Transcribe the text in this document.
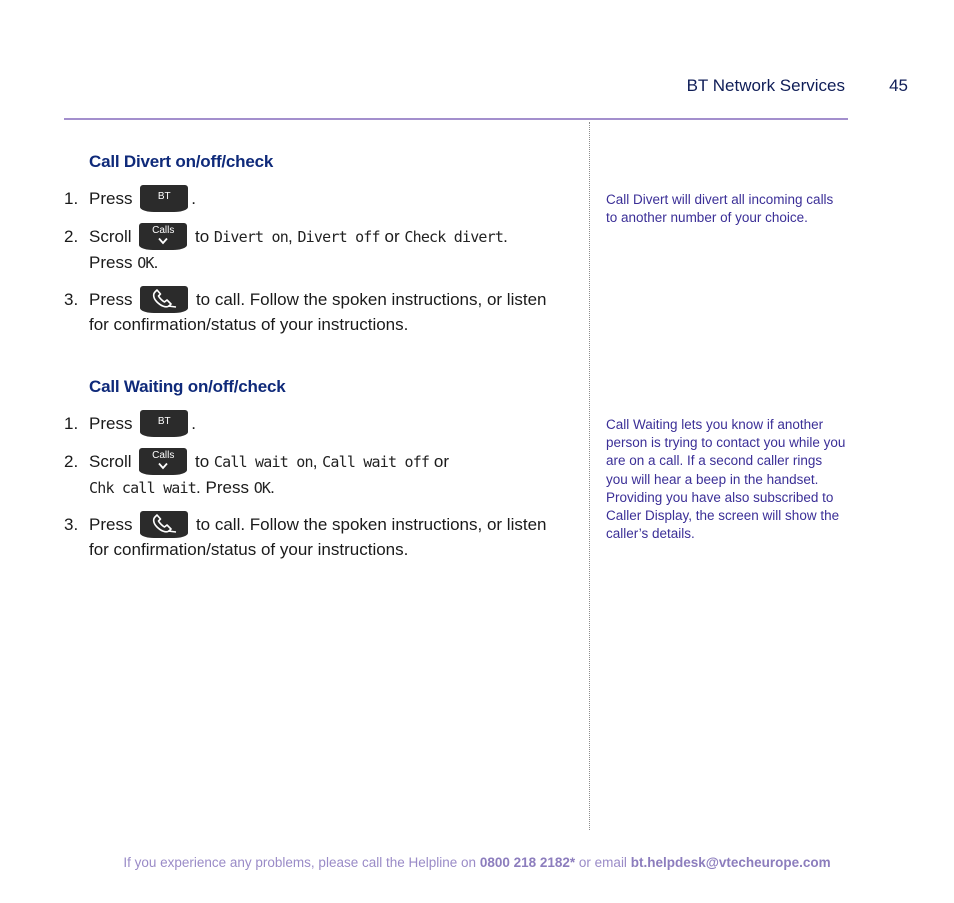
BT Network Services	45
Call Divert on/off/check
1. Press	BT	.
2. Scroll	Calls	to Divert on, Divert off or Check divert.
Press OK.
3. Press	to call. Follow the spoken instructions, or listen
for confirmation/status of your instructions.
Call Divert will divert all incoming calls to another number of your choice.
Call Waiting on/off/check
1. Press	BT	.
2. Scroll	Calls	to Call wait on, Call wait off or
Chk call wait. Press OK.
3. Press	to call. Follow the spoken instructions, or listen
for confirmation/status of your instructions.
Call Waiting lets you know if another person is trying to contact you while you are on a call. If a second caller rings you will hear a beep in the handset. Providing you have also subscribed to Caller Display, the screen will show the caller’s details.
If you experience any problems, please call the Helpline on 0800 218 2182* or email bt.helpdesk@vtecheurope.com
